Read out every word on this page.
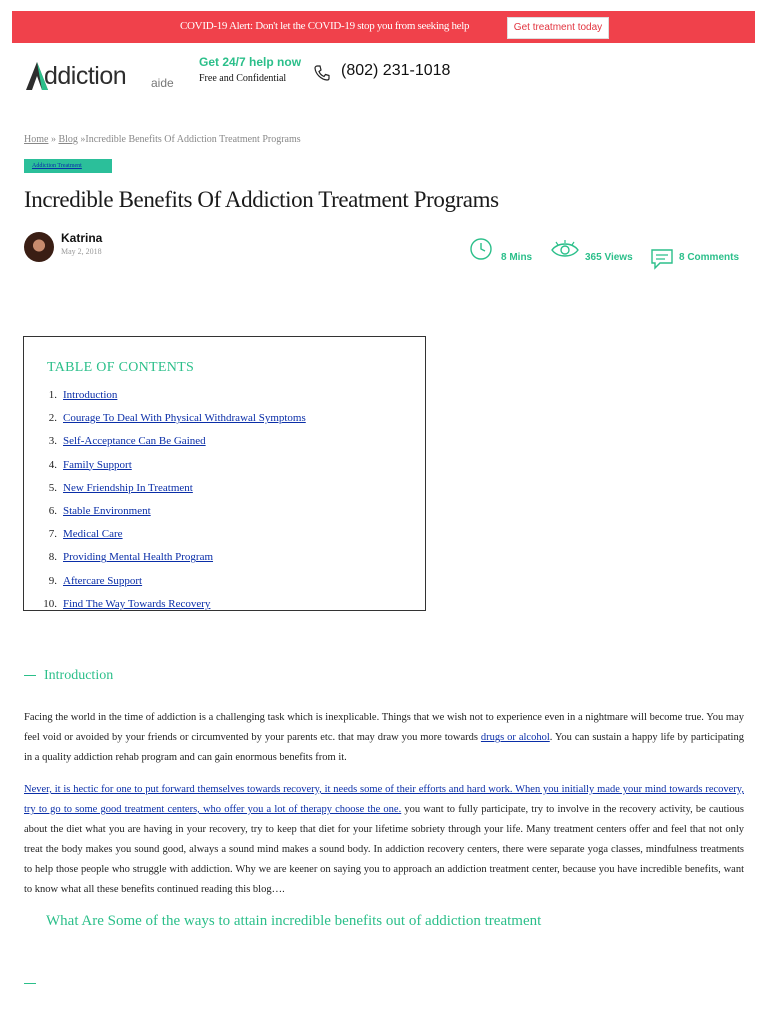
COVID-19 Alert: Don't let the COVID-19 stop you from seeking help	Get treatment today
ddiction aide
Get 24/7 help now
Free and Confidential	(802) 231-1018
Home » Blog »Incredible Benefits Of Addiction Treatment Programs
Addiction Treatment
Incredible Benefits Of Addiction Treatment Programs
Katrina
May 2, 2018
8 Mins	365 Views	8 Comments
TABLE OF CONTENTS
1. Introduction
2. Courage To Deal With Physical Withdrawal Symptoms
3. Self-Acceptance Can Be Gained
4. Family Support
5. New Friendship In Treatment
6. Stable Environment
7. Medical Care
8. Providing Mental Health Program
9. Aftercare Support
10. Find The Way Towards Recovery
Introduction

Facing the world in the time of addiction is a challenging task which is inexplicable. Things that we wish not to experience even in a nightmare will become true. You may feel void or avoided by your friends or circumvented by your parents etc. that may draw you more towards drugs or alcohol. You can sustain a happy life by participating in a quality addiction rehab program and can gain enormous benefits from it.

Never, it is hectic for one to put forward themselves towards recovery, it needs some of their efforts and hard work. When you initially made your mind towards recovery, try to go to some good treatment centers, who offer you a lot of therapy choose the one. you want to fully participate, try to involve in the recovery activity, be cautious about the diet what you are having in your recovery, try to keep that diet for your lifetime sobriety through your life. Many treatment centers offer and feel that not only treat the body makes you sound good, always a sound mind makes a sound body. In addiction recovery centers, there were separate yoga classes, mindfulness treatments to help those people who struggle with addiction. Why we are keener on saying you to approach an addiction treatment center, because you have incredible benefits, want to know what all these benefits continued reading this blog….

What Are Some of the ways to attain incredible benefits out of addiction treatment
